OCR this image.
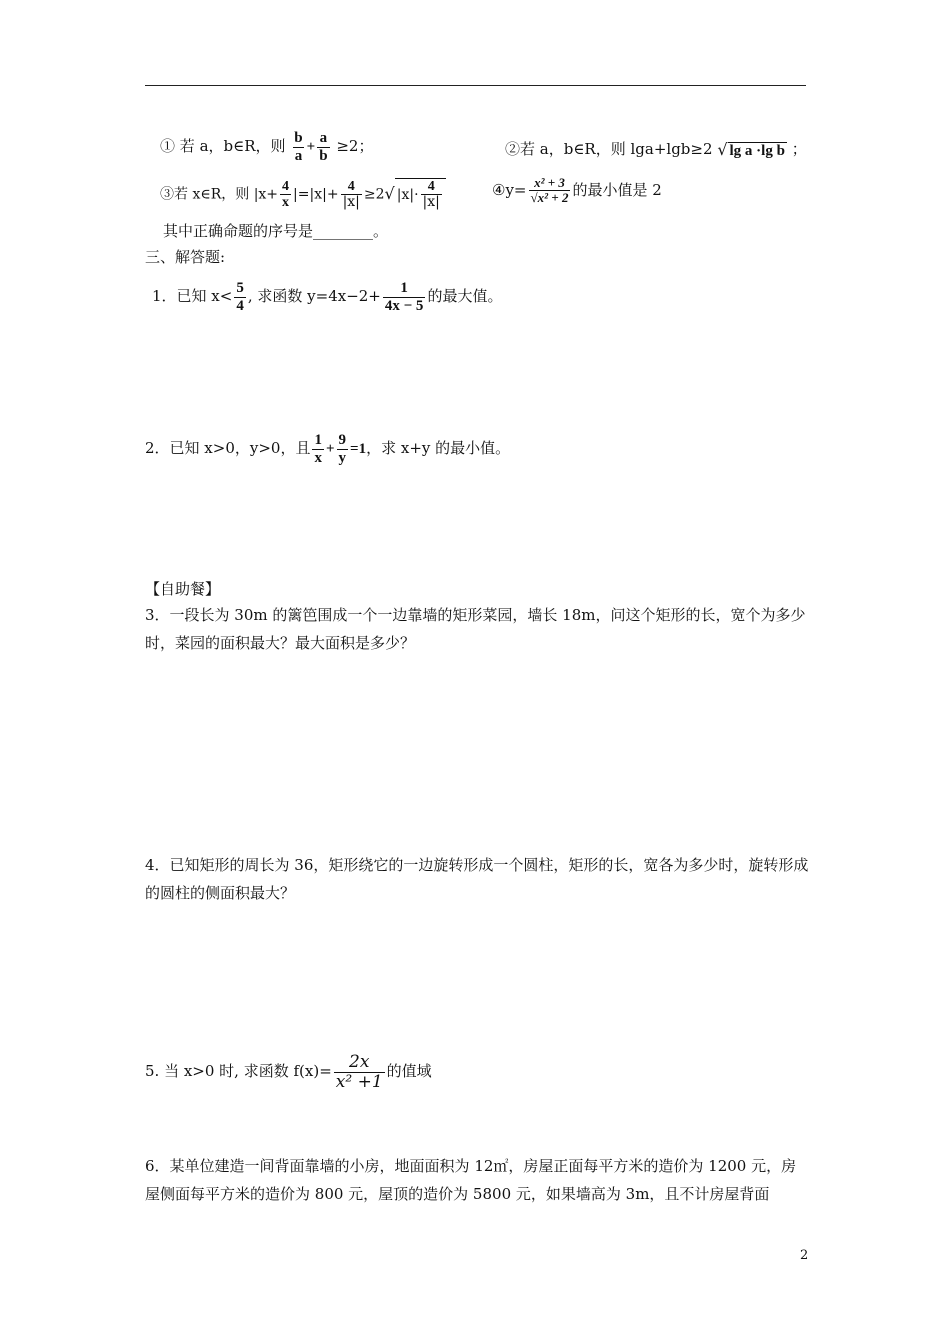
① 若 a，b∈R，则 $\frac{b}{a} + \frac{a}{b} \ge 2$；	②若 a，b∈R，则 lga+lgb≥2 √ lg a ·lg b ；
③若 x∈R，则 $|x+ \frac{4}{x} |=|x|+ \frac{4}{|x|} \ge 2√$ $|x|\cdot \frac{4}{|x|}$	④y= $\frac{\text{x² + 3}}{\text{√x² + 2}}$ 的最小值是 2
其中正确命题的序号是________。
三、解答题:
1．已知 $x< \frac{5}{4}$ , 求函数 $y=4x-2+ \frac{1}{4x - 5}$ 的最大值。
2．已知 x>0，y>0，且 $\frac{1}{x} + \frac{9}{y} =1$，求 x+y 的最小值。
【自助餐】
3．一段长为 30m 的篱笆围成一个一边靠墙的矩形菜园，墙长 18m，问这个矩形的长，宽个为多少时，菜园的面积最大？最大面积是多少？
4．已知矩形的周长为 36，矩形绕它的一边旋转形成一个圆柱，矩形的长，宽各为多少时，旋转形成的圆柱的侧面积最大？
5. 当 x>0 时, 求函数 $f(x)= \frac{2x}{\text{x² +1}}$ 的值域
6．某单位建造一间背面靠墙的小房，地面面积为 12㎡，房屋正面每平方米的造价为 1200 元，房屋侧面每平方米的造价为 800 元，屋顶的造价为 5800 元，如果墙高为 3m，且不计房屋背面
2
